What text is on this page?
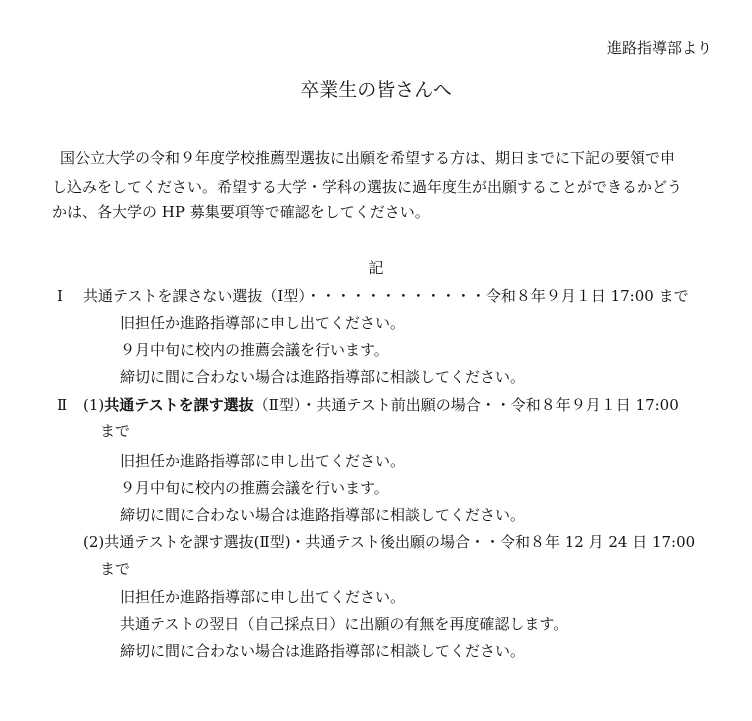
進路指導部より
卒業生の皆さんへ
国公立大学の令和９年度学校推薦型選抜に出願を希望する方は、期日までに下記の要領で申
し込みをしてください。希望する大学・学科の選抜に過年度生が出願することができるかどう
かは、各大学の HP 募集要項等で確認をしてください。
記
Ⅰ 共通テストを課さない選抜（Ⅰ型）・・・・・・・・・・・・令和８年９月１日 17:00 まで
旧担任か進路指導部に申し出てください。
９月中旬に校内の推薦会議を行います。
締切に間に合わない場合は進路指導部に相談してください。
Ⅱ (1)共通テストを課す選抜（Ⅱ型）・共通テスト前出願の場合・・令和８年９月１日 17:00
まで
旧担任か進路指導部に申し出てください。
９月中旬に校内の推薦会議を行います。
締切に間に合わない場合は進路指導部に相談してください。
(2)共通テストを課す選抜(Ⅱ型)・共通テスト後出願の場合・・令和８年 12 月 24 日 17:00
まで
旧担任か進路指導部に申し出てください。
共通テストの翌日（自己採点日）に出願の有無を再度確認します。
締切に間に合わない場合は進路指導部に相談してください。
